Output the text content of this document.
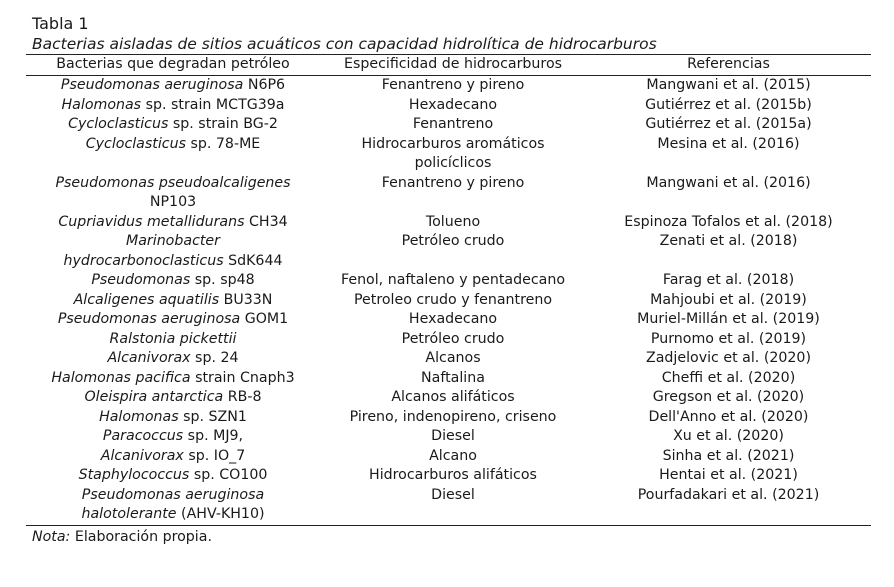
Tabla 1
Bacterias aisladas de sitios acuáticos con capacidad hidrolítica de hidrocarburos
Bacterias que degradan petróleo	Especificidad de hidrocarburos	Referencias
Pseudomonas aeruginosa N6P6	Fenantreno y pireno	Mangwani et al. (2015)
Halomonas sp. strain MCTG39a	Hexadecano	Gutiérrez et al. (2015b)
Cycloclasticus sp. strain BG-2	Fenantreno	Gutiérrez et al. (2015a)
Cycloclasticus sp. 78-ME	Hidrocarburos aromáticos policíclicos	Mesina et al. (2016)
Pseudomonas pseudoalcaligenes
NP103	Fenantreno y pireno	Mangwani et al. (2016)
Cupriavidus metallidurans CH34	Tolueno	Espinoza Tofalos et al. (2018)
Marinobacter
hydrocarbonoclasticus SdK644	Petróleo crudo	Zenati et al. (2018)
Pseudomonas sp. sp48	Fenol, naftaleno y pentadecano	Farag et al. (2018)
Alcaligenes aquatilis BU33N	Petroleo crudo y fenantreno	Mahjoubi et al. (2019)
Pseudomonas aeruginosa GOM1	Hexadecano	Muriel-Millán et al. (2019)
Ralstonia pickettii	Petróleo crudo	Purnomo et al. (2019)
Alcanivorax sp. 24	Alcanos	Zadjelovic et al. (2020)
Halomonas pacifica strain Cnaph3	Naftalina	Cheffi et al. (2020)
Oleispira antarctica RB-8	Alcanos alifáticos	Gregson et al. (2020)
Halomonas sp. SZN1	Pireno, indenopireno, criseno	Dell'Anno et al. (2020)
Paracoccus sp. MJ9,	Diesel	Xu et al. (2020)
Alcanivorax sp. IO_7	Alcano	Sinha et al. (2021)
Staphylococcus sp. CO100	Hidrocarburos alifáticos	Hentai et al. (2021)
Pseudomonas aeruginosa
halotolerante (AHV-KH10)	Diesel	Pourfadakari et al. (2021)
Nota: Elaboración propia.
